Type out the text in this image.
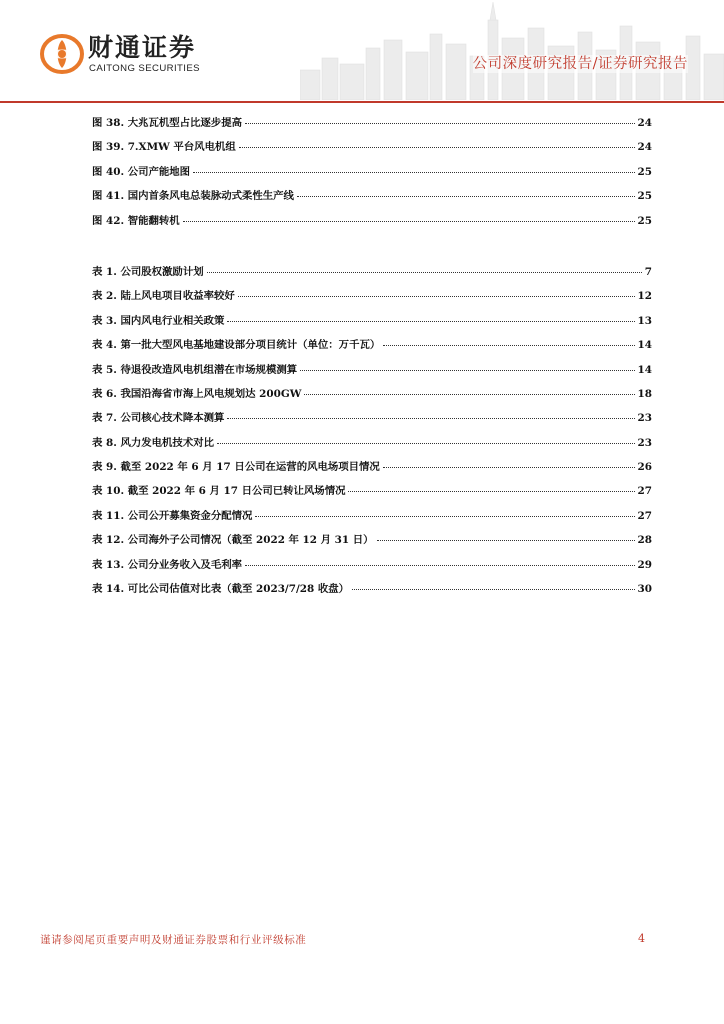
财通证券
CAITONG SECURITIES	公司深度研究报告/证券研究报告
图 38. 大兆瓦机型占比逐步提高	24
图 39. 7.XMW 平台风电机组	24
图 40. 公司产能地图	25
图 41. 国内首条风电总装脉动式柔性生产线	25
图 42. 智能翻转机	25
表 1. 公司股权激励计划	7
表 2. 陆上风电项目收益率较好	12
表 3. 国内风电行业相关政策	13
表 4. 第一批大型风电基地建设部分项目统计（单位：万千瓦）	14
表 5. 待退役改造风电机组潜在市场规模测算	14
表 6. 我国沿海省市海上风电规划达 200GW	18
表 7. 公司核心技术降本测算	23
表 8. 风力发电机技术对比	23
表 9. 截至 2022 年 6 月 17 日公司在运营的风电场项目情况	26
表 10. 截至 2022 年 6 月 17 日公司已转让风场情况	27
表 11. 公司公开募集资金分配情况	27
表 12. 公司海外子公司情况（截至 2022 年 12 月 31 日）	28
表 13. 公司分业务收入及毛利率	29
表 14. 可比公司估值对比表（截至 2023/7/28 收盘）	30
谨请参阅尾页重要声明及财通证券股票和行业评级标准	4
